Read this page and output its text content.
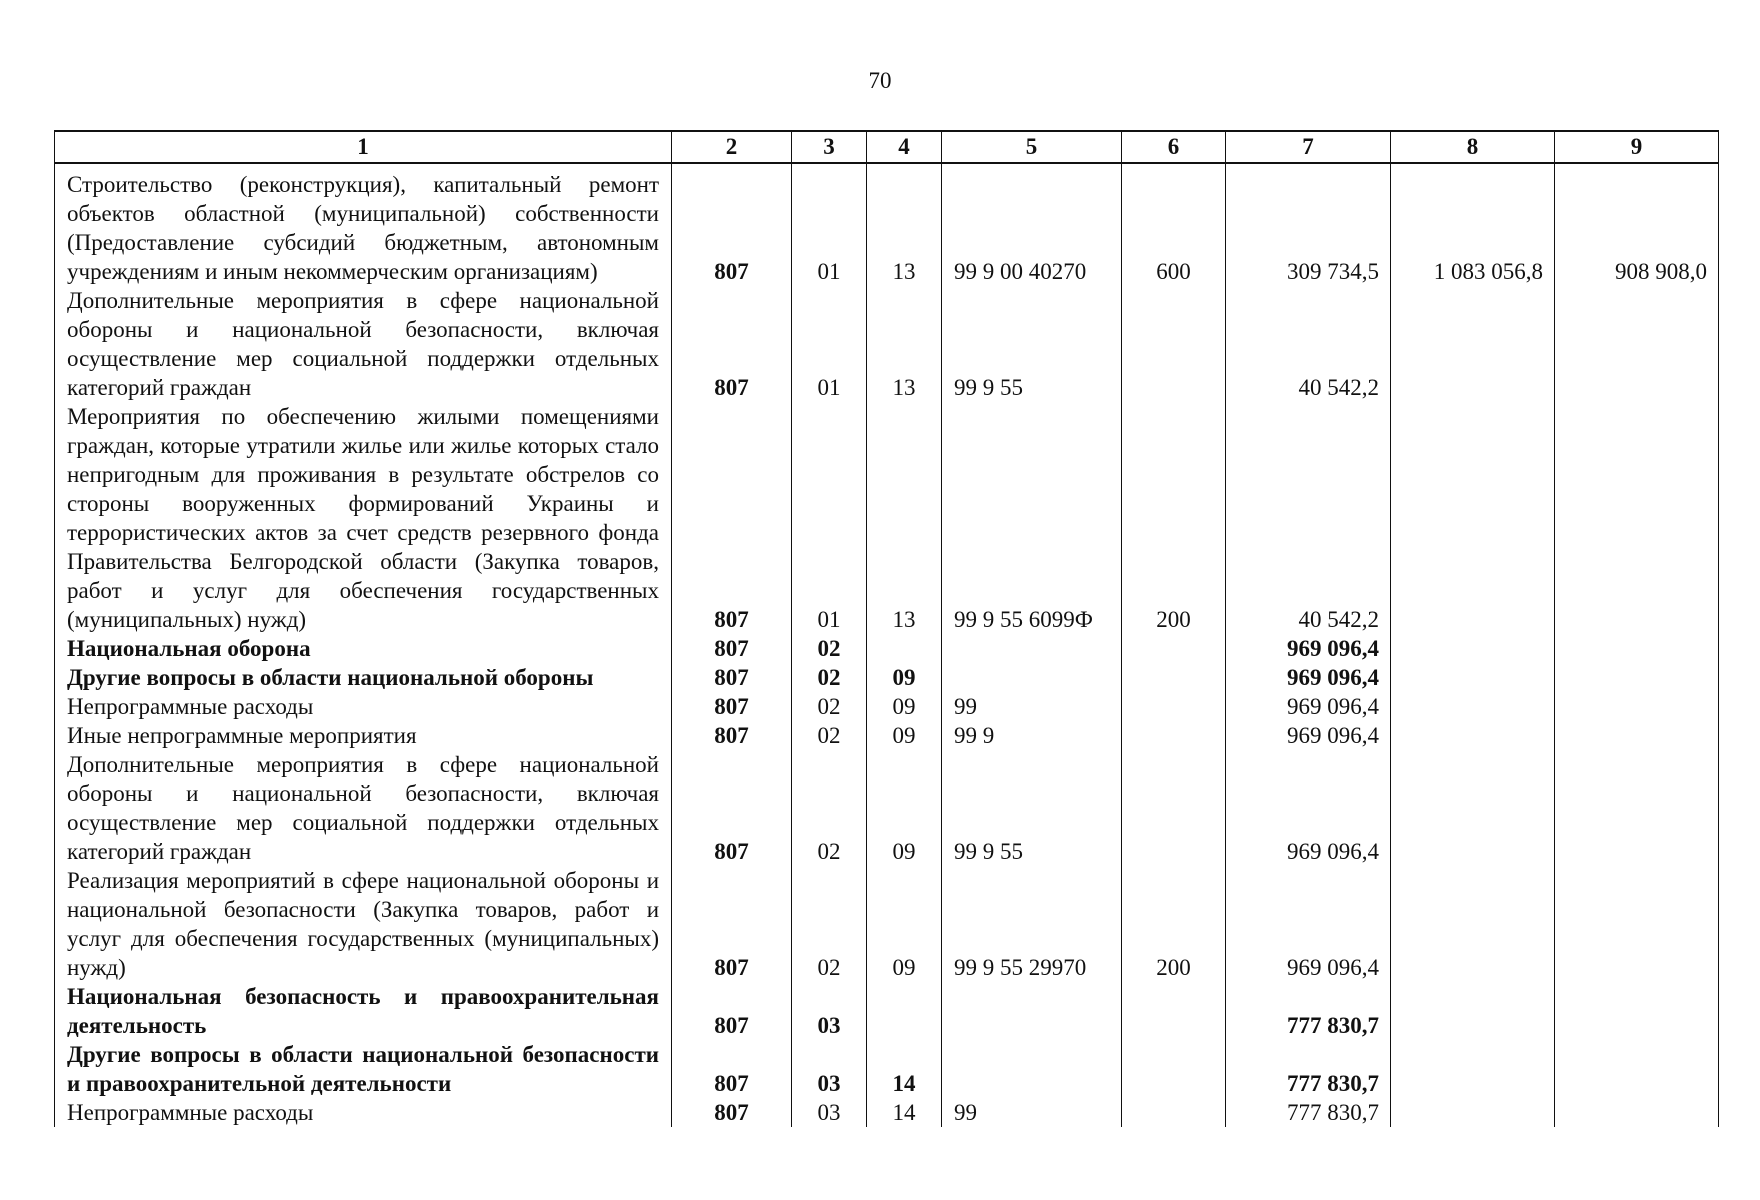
70
1	2	3	4	5	6	7	8	9
Строительство (реконструкция), капитальный ремонт объектов областной (муниципальной) собственности (Предоставление субсидий бюджетным, автономным учреждениям и иным некоммерческим организациям)	807	01	13	99 9 00 40270	600	309 734,5	1 083 056,8	908 908,0
Дополнительные мероприятия в сфере национальной обороны и национальной безопасности, включая осуществление мер социальной поддержки отдельных категорий граждан	807	01	13	99 9 55		40 542,2		
Мероприятия по обеспечению жилыми помещениями граждан, которые утратили жилье или жилье которых стало непригодным для проживания в результате обстрелов со стороны вооруженных формирований Украины и террористических актов за счет средств резервного фонда Правительства Белгородской области (Закупка товаров, работ и услуг для обеспечения государственных (муниципальных) нужд)	807	01	13	99 9 55 6099Ф	200	40 542,2		
Национальная оборона	807	02				969 096,4		
Другие вопросы в области национальной обороны	807	02	09			969 096,4		
Непрограммные расходы	807	02	09	99		969 096,4		
Иные непрограммные мероприятия	807	02	09	99 9		969 096,4		
Дополнительные мероприятия в сфере национальной обороны и национальной безопасности, включая осуществление мер социальной поддержки отдельных категорий граждан	807	02	09	99 9 55		969 096,4		
Реализация мероприятий в сфере национальной обороны и национальной безопасности (Закупка товаров, работ и услуг для обеспечения государственных (муниципальных) нужд)	807	02	09	99 9 55 29970	200	969 096,4		
Национальная безопасность и правоохранительная деятельность	807	03				777 830,7		
Другие вопросы в области национальной безопасности и правоохранительной деятельности	807	03	14			777 830,7		
Непрограммные расходы	807	03	14	99		777 830,7		
